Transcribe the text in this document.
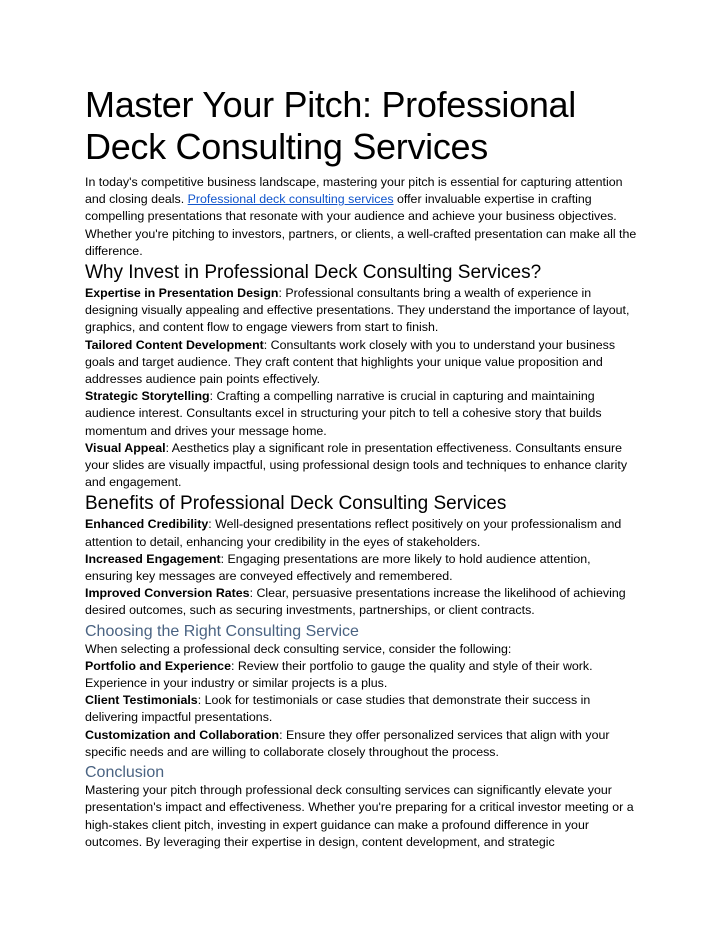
Master Your Pitch: Professional Deck Consulting Services

In today's competitive business landscape, mastering your pitch is essential for capturing attention and closing deals. Professional deck consulting services offer invaluable expertise in crafting compelling presentations that resonate with your audience and achieve your business objectives. Whether you're pitching to investors, partners, or clients, a well-crafted presentation can make all the difference.

Why Invest in Professional Deck Consulting Services?

Expertise in Presentation Design: Professional consultants bring a wealth of experience in designing visually appealing and effective presentations. They understand the importance of layout, graphics, and content flow to engage viewers from start to finish.

Tailored Content Development: Consultants work closely with you to understand your business goals and target audience. They craft content that highlights your unique value proposition and addresses audience pain points effectively.

Strategic Storytelling: Crafting a compelling narrative is crucial in capturing and maintaining audience interest. Consultants excel in structuring your pitch to tell a cohesive story that builds momentum and drives your message home.

Visual Appeal: Aesthetics play a significant role in presentation effectiveness. Consultants ensure your slides are visually impactful, using professional design tools and techniques to enhance clarity and engagement.

Benefits of Professional Deck Consulting Services

Enhanced Credibility: Well-designed presentations reflect positively on your professionalism and attention to detail, enhancing your credibility in the eyes of stakeholders.

Increased Engagement: Engaging presentations are more likely to hold audience attention, ensuring key messages are conveyed effectively and remembered.

Improved Conversion Rates: Clear, persuasive presentations increase the likelihood of achieving desired outcomes, such as securing investments, partnerships, or client contracts.

Choosing the Right Consulting Service

When selecting a professional deck consulting service, consider the following:

Portfolio and Experience: Review their portfolio to gauge the quality and style of their work. Experience in your industry or similar projects is a plus.

Client Testimonials: Look for testimonials or case studies that demonstrate their success in delivering impactful presentations.

Customization and Collaboration: Ensure they offer personalized services that align with your specific needs and are willing to collaborate closely throughout the process.

Conclusion

Mastering your pitch through professional deck consulting services can significantly elevate your presentation's impact and effectiveness. Whether you're preparing for a critical investor meeting or a high-stakes client pitch, investing in expert guidance can make a profound difference in your outcomes. By leveraging their expertise in design, content development, and strategic
